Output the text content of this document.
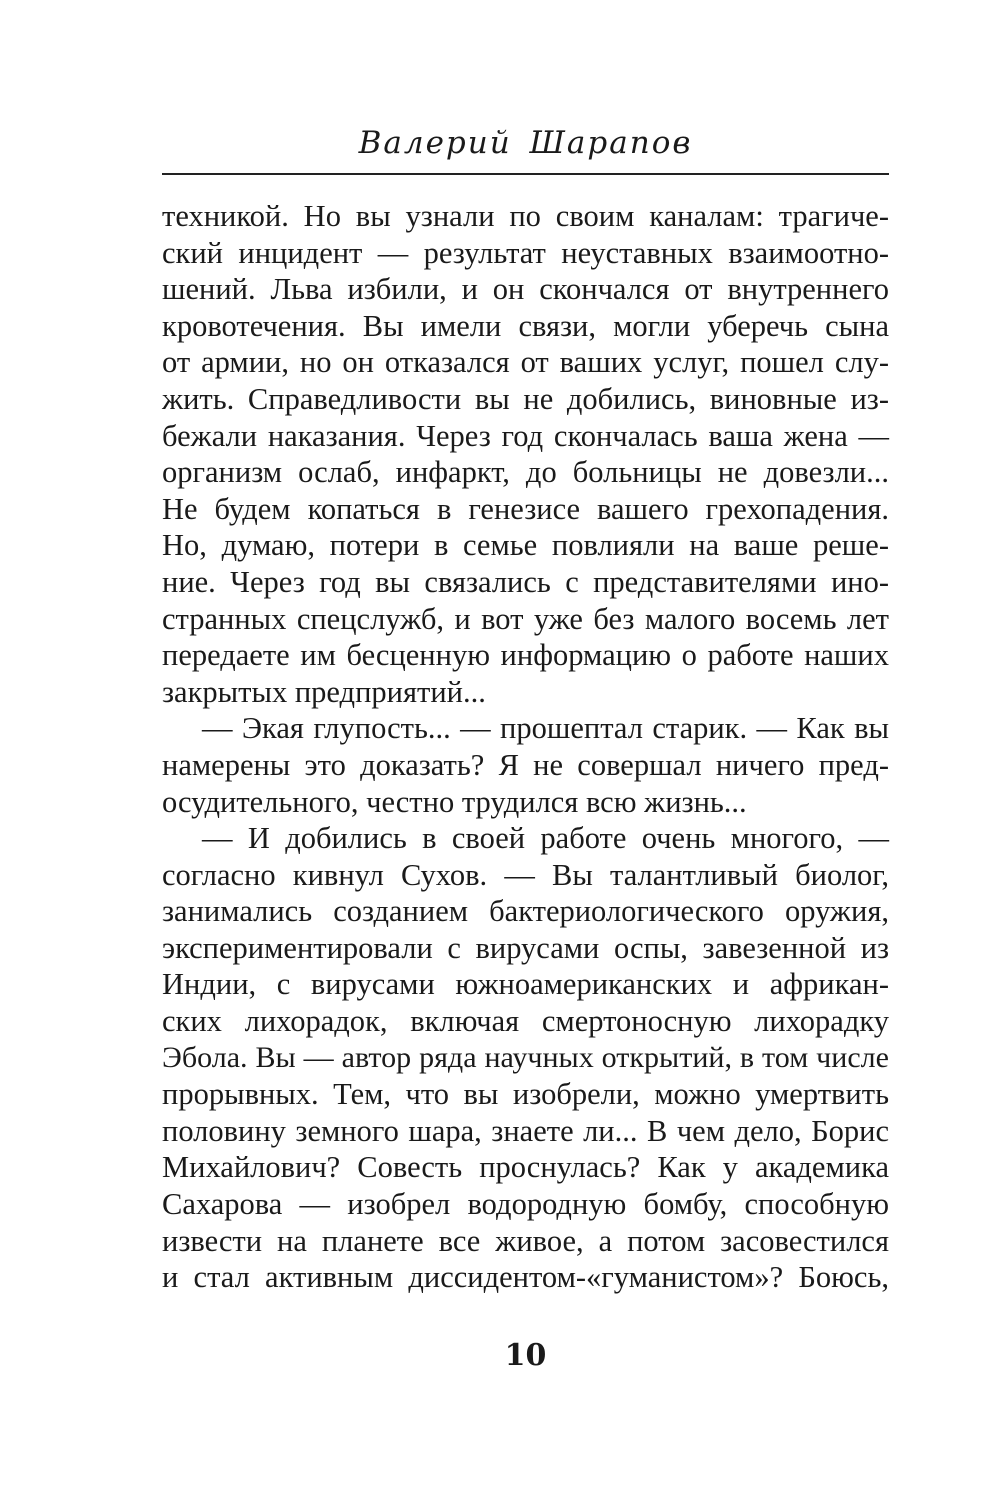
Валерий Шарапов
техникой. Но вы узнали по своим каналам: трагиче-
ский инцидент — результат неуставных взаимоотно-
шений. Льва избили, и он скончался от внутреннего
кровотечения. Вы имели связи, могли уберечь сына
от армии, но он отказался от ваших услуг, пошел слу-
жить. Справедливости вы не добились, виновные из-
бежали наказания. Через год скончалась ваша жена —
организм ослаб, инфаркт, до больницы не довезли...
Не будем копаться в генезисе вашего грехопадения.
Но, думаю, потери в семье повлияли на ваше реше-
ние. Через год вы связались с представителями ино-
странных спецслужб, и вот уже без малого восемь лет
передаете им бесценную информацию о работе наших
закрытых предприятий...
— Экая глупость... — прошептал старик. — Как вы
намерены это доказать? Я не совершал ничего пред-
осудительного, честно трудился всю жизнь...
— И добились в своей работе очень многого, —
согласно кивнул Сухов. — Вы талантливый биолог,
занимались созданием бактериологического оружия,
экспериментировали с вирусами оспы, завезенной из
Индии, с вирусами южноамериканских и африкан-
ских лихорадок, включая смертоносную лихорадку
Эбола. Вы — автор ряда научных открытий, в том числе
прорывных. Тем, что вы изобрели, можно умертвить
половину земного шара, знаете ли... В чем дело, Борис
Михайлович? Совесть проснулась? Как у академика
Сахарова — изобрел водородную бомбу, способную
извести на планете все живое, а потом засовестился
и стал активным диссидентом-«гуманистом»? Боюсь,
10
